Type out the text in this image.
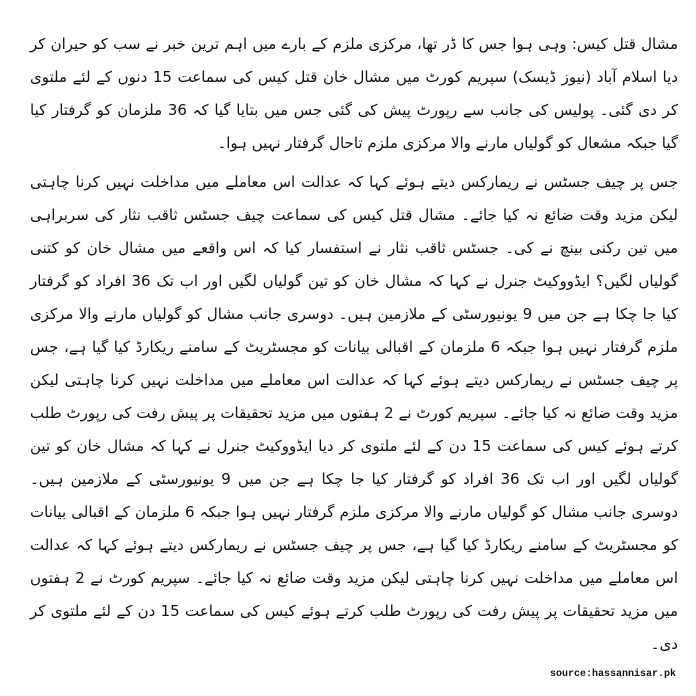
مشال قتل کیس: وہی ہوا جس کا ڈر تھا، مرکزی ملزم کے بارے میں اہم ترین خبر نے سب کو حیران کر دیا اسلام آباد (نیوز ڈیسک) سپریم کورٹ میں مشال خان قتل کیس کی سماعت 15 دنوں کے لئے ملتوی کر دی گئی۔ پولیس کی جانب سے رپورٹ پیش کی گئی جس میں بتایا گیا کہ 36 ملزمان کو گرفتار کیا گیا جبکہ مشعال کو گولیاں مارنے والا مرکزی ملزم تاحال گرفتار نہیں ہوا۔

جس پر چیف جسٹس نے ریمارکس دیتے ہوئے کہا کہ عدالت اس معاملے میں مداخلت نہیں کرنا چاہتی لیکن مزید وقت ضائع نہ کیا جائے۔ مشال قتل کیس کی سماعت چیف جسٹس ثاقب نثار کی سربراہی میں تین رکنی بینچ نے کی۔ جسٹس ثاقب نثار نے استفسار کیا کہ اس واقعے میں مشال خان کو کتنی گولیاں لگیں؟ ایڈووکیٹ جنرل نے کہا کہ مشال خان کو تین گولیاں لگیں اور اب تک 36 افراد کو گرفتار کیا جا چکا ہے جن میں 9 یونیورسٹی کے ملازمین ہیں۔ دوسری جانب مشال کو گولیاں مارنے والا مرکزی ملزم گرفتار نہیں ہوا جبکہ 6 ملزمان کے اقبالی بیانات کو مجسٹریٹ کے سامنے ریکارڈ کیا گیا ہے، جس پر چیف جسٹس نے ریمارکس دیتے ہوئے کہا کہ عدالت اس معاملے میں مداخلت نہیں کرنا چاہتی لیکن مزید وقت ضائع نہ کیا جائے۔ سپریم کورٹ نے 2 ہفتوں میں مزید تحقیقات پر پیش رفت کی رپورٹ طلب کرتے ہوئے کیس کی سماعت 15 دن کے لئے ملتوی کر دیا ایڈووکیٹ جنرل نے کہا کہ مشال خان کو تین گولیاں لگیں اور اب تک 36 افراد کو گرفتار کیا جا چکا ہے جن میں 9 یونیورسٹی کے ملازمین ہیں۔ دوسری جانب مشال کو گولیاں مارنے والا مرکزی ملزم گرفتار نہیں ہوا جبکہ 6 ملزمان کے اقبالی بیانات کو مجسٹریٹ کے سامنے ریکارڈ کیا گیا ہے، جس پر چیف جسٹس نے ریمارکس دیتے ہوئے کہا کہ عدالت اس معاملے میں مداخلت نہیں کرنا چاہتی لیکن مزید وقت ضائع نہ کیا جائے۔ سپریم کورٹ نے 2 ہفتوں میں مزید تحقیقات پر پیش رفت کی رپورٹ طلب کرتے ہوئے کیس کی سماعت 15 دن کے لئے ملتوی کر دی۔

source:hassannisar.pk
